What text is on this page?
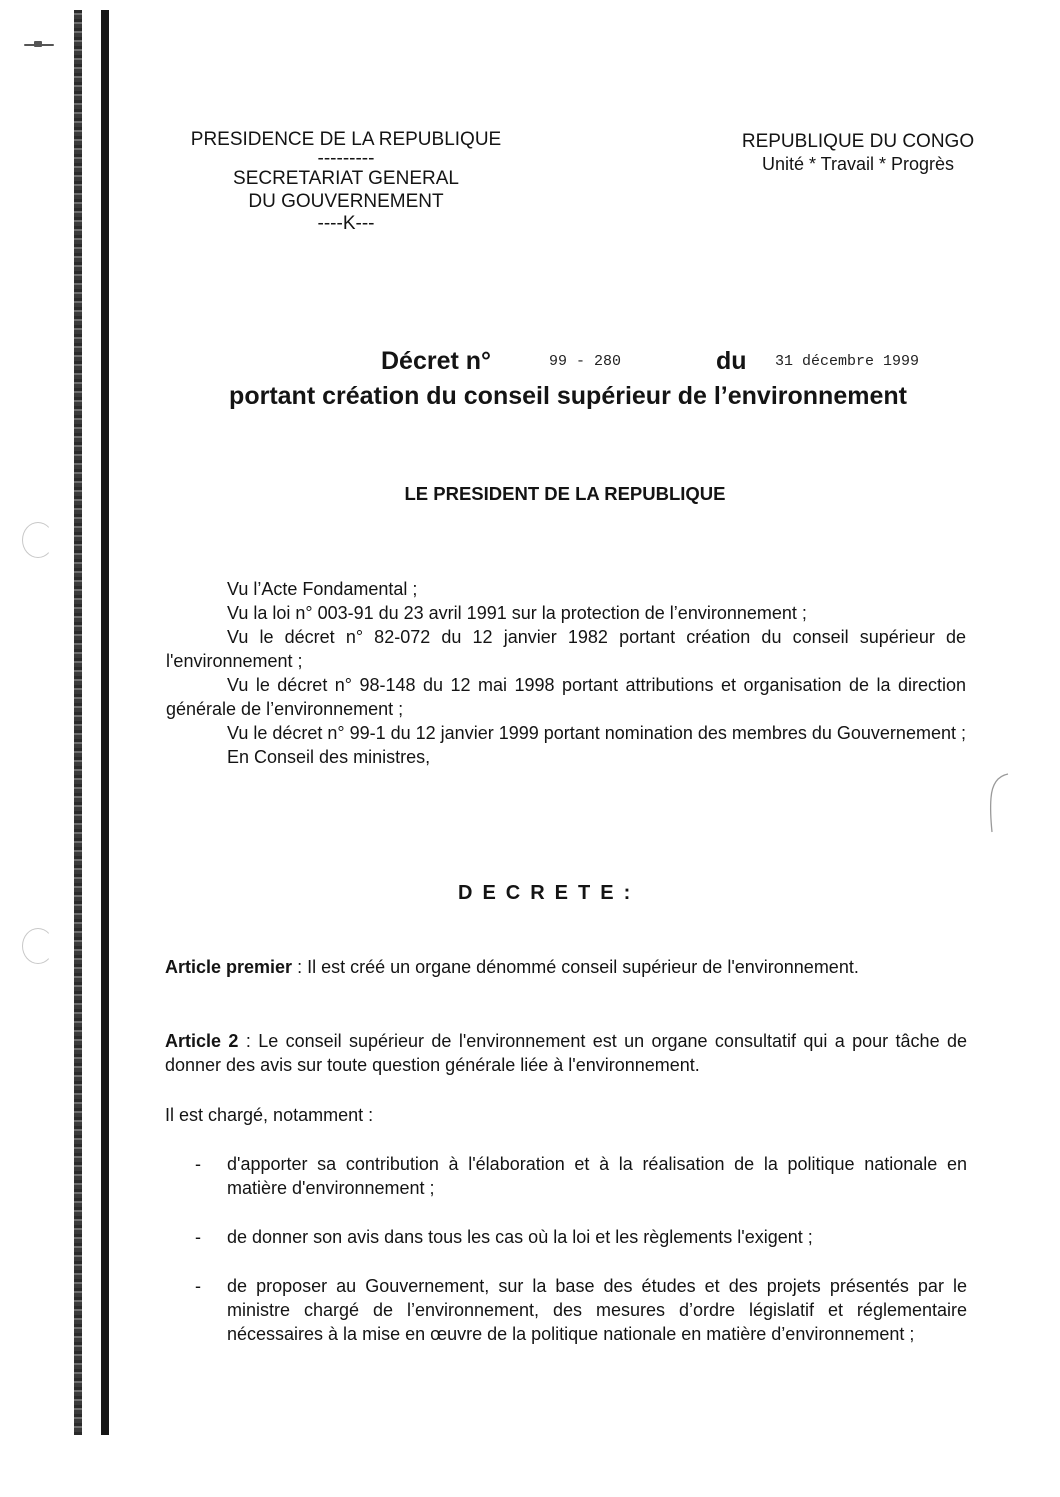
PRESIDENCE DE LA REPUBLIQUE
---------
SECRETARIAT GENERAL
DU GOUVERNEMENT
----K---
REPUBLIQUE DU CONGO
Unité * Travail * Progrès
Décret n°	99 - 280	du 31 décembre 1999
portant création du conseil supérieur de l’environnement
LE PRESIDENT DE LA REPUBLIQUE

Vu l’Acte Fondamental ;

Vu la loi n° 003-91 du 23 avril 1991 sur la protection de l’environnement ;

Vu le décret n° 82-072 du 12 janvier 1982 portant création du conseil supérieur de l'environnement ;

Vu le décret n° 98-148 du 12 mai 1998 portant attributions et organisation de la direction générale de l’environnement ;

Vu le décret n° 99-1 du 12 janvier 1999 portant nomination des membres du Gouvernement ;

En Conseil des ministres,

DECRETE:

Article premier : Il est créé un organe dénommé conseil supérieur de l'environnement.

Article 2 : Le conseil supérieur de l'environnement est un organe consultatif qui a pour tâche de donner des avis sur toute question générale liée à l'environnement.

Il est chargé, notamment :

-	d'apporter sa contribution à l'élaboration et à la réalisation de la politique nationale en matière d'environnement ;
-	de donner son avis dans tous les cas où la loi et les règlements l'exigent ;
-	de proposer au Gouvernement, sur la base des études et des projets présentés par le ministre chargé de l’environnement, des mesures d’ordre législatif et réglementaire nécessaires à la mise en œuvre de la politique nationale en matière d’environnement ;
